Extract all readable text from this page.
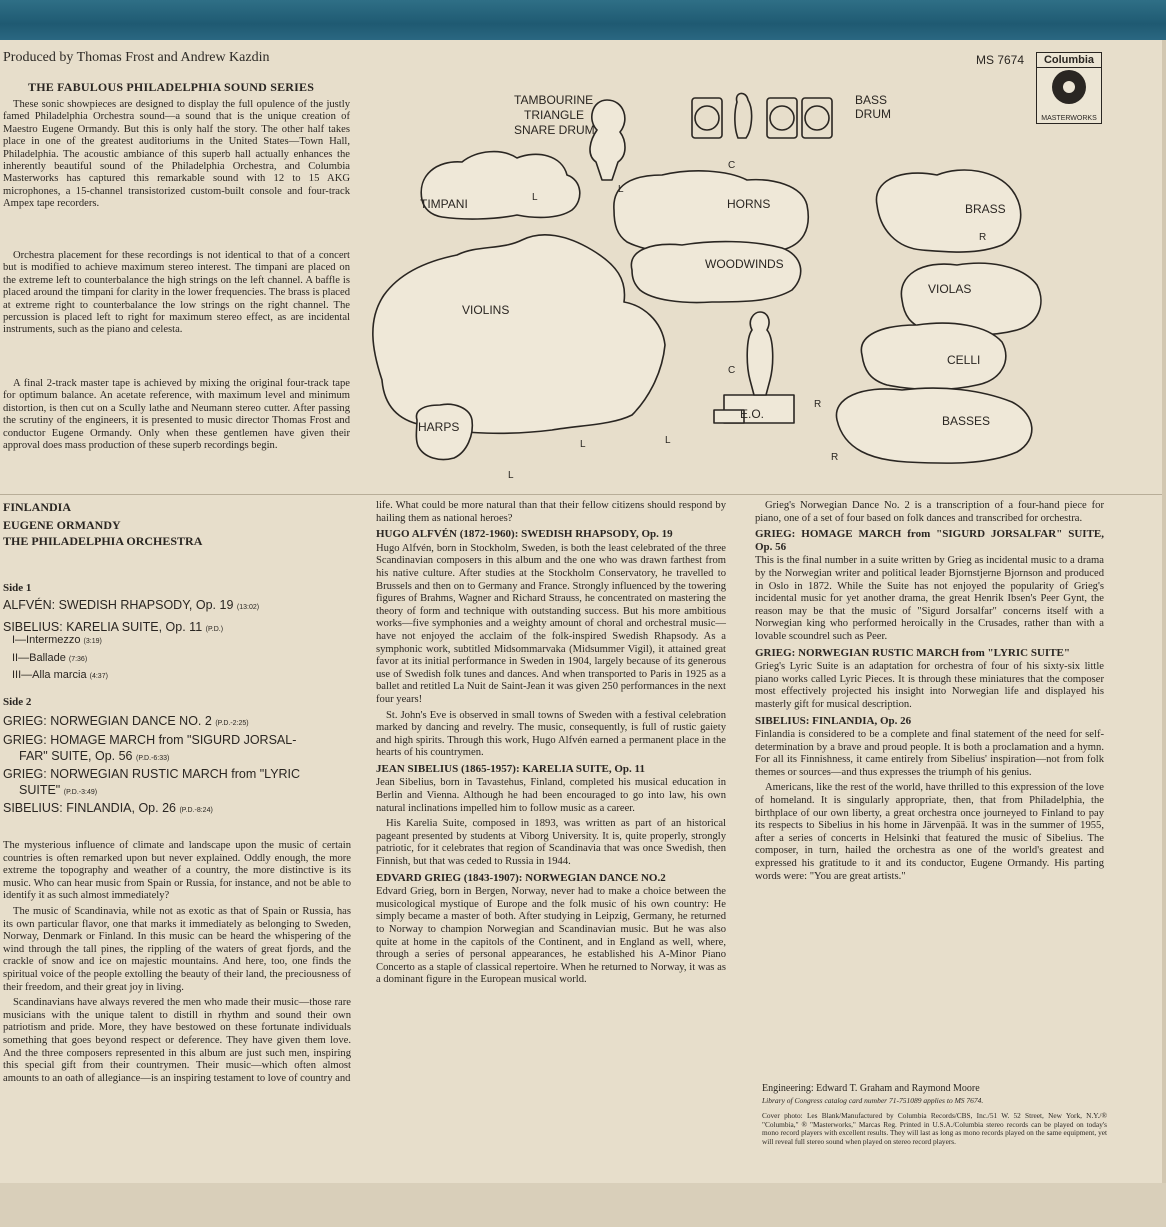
Produced by Thomas Frost and Andrew Kazdin	MS 7674	Columbia
MASTERWORKS
THE FABULOUS PHILADELPHIA SOUND SERIES

These sonic showpieces are designed to display the full opulence of the justly famed Philadelphia Orchestra sound—a sound that is the unique creation of Maestro Eugene Ormandy. But this is only half the story. The other half takes place in one of the greatest auditoriums in the United States—Town Hall, Philadelphia. The acoustic ambiance of this superb hall actually enhances the inherently beautiful sound of the Philadelphia Orchestra, and Columbia Masterworks has captured this remarkable sound with 12 to 15 AKG microphones, a 15-channel transistorized custom-built console and four-track Ampex tape recorders.

Orchestra placement for these recordings is not identical to that of a concert but is modified to achieve maximum stereo interest. The timpani are placed on the extreme left to counterbalance the high strings on the left channel. A baffle is placed around the timpani for clarity in the lower frequencies. The brass is placed at extreme right to counterbalance the low strings on the right channel. The percussion is placed left to right for maximum stereo effect, as are incidental instruments, such as the piano and celesta.

A final 2-track master tape is achieved by mixing the original four-track tape for optimum balance. An acetate reference, with maximum level and minimum distortion, is then cut on a Scully lathe and Neumann stereo cutter. After passing the scrutiny of the engineers, it is presented to music director Thomas Frost and conductor Eugene Ormandy. Only when these gentlemen have given their approval does mass production of these superb recordings begin.

TAMBOURINE
TRIANGLE
SNARE DRUM
BASS
DRUM
TIMPANI	HORNS	BRASS
WOODWINDS
VIOLINS
VIOLAS
CELLI
HARPS
E.O.	BASSES
L
L
L	L
L
C
C
R
R
R
FINLANDIA
EUGENE ORMANDY
THE PHILADELPHIA ORCHESTRA
Side 1
ALFVÉN: SWEDISH RHAPSODY, Op. 19 (13:02)
SIBELIUS: KARELIA SUITE, Op. 11 (P.D.)
I—Intermezzo (3:19)
II—Ballade (7:36)
III—Alla marcia (4:37)
Side 2
GRIEG: NORWEGIAN DANCE NO. 2 (P.D.-2:25)
GRIEG: HOMAGE MARCH from "SIGURD JORSAL-
FAR" SUITE, Op. 56 (P.D.-6:33)
GRIEG: NORWEGIAN RUSTIC MARCH from "LYRIC
SUITE" (P.D.-3:49)
SIBELIUS: FINLANDIA, Op. 26 (P.D.-8:24)

The mysterious influence of climate and landscape upon the music of certain countries is often remarked upon but never explained. Oddly enough, the more extreme the topography and weather of a country, the more distinctive is its music. Who can hear music from Spain or Russia, for instance, and not be able to identify it as such almost immediately?

The music of Scandinavia, while not as exotic as that of Spain or Russia, has its own particular flavor, one that marks it immediately as belonging to Sweden, Norway, Denmark or Finland. In this music can be heard the whispering of the wind through the tall pines, the rippling of the waters of great fjords, and the crackle of snow and ice on majestic mountains. And here, too, one finds the spiritual voice of the people extolling the beauty of their land, the preciousness of their freedom, and their great joy in living.

Scandinavians have always revered the men who made their music—those rare musicians with the unique talent to distill in rhythm and sound their own patriotism and pride. More, they have bestowed on these fortunate individuals something that goes beyond respect or deference. They have given them love. And the three composers represented in this album are just such men, inspiring this special gift from their countrymen. Their music—which often almost amounts to an oath of allegiance—is an inspiring testament to love of country and

life. What could be more natural than that their fellow citizens should respond by hailing them as national heroes?

HUGO ALFVÉN (1872-1960): SWEDISH RHAPSODY, Op. 19

Hugo Alfvén, born in Stockholm, Sweden, is both the least celebrated of the three Scandinavian composers in this album and the one who was drawn farthest from his native culture. After studies at the Stockholm Conservatory, he travelled to Brussels and then on to Germany and France. Strongly influenced by the towering figures of Brahms, Wagner and Richard Strauss, he concentrated on mastering the theory of form and technique with outstanding success. But his more ambitious works—five symphonies and a weighty amount of choral and orchestral music—have not enjoyed the acclaim of the folk-inspired Swedish Rhapsody. As a symphonic work, subtitled Midsommarvaka (Midsummer Vigil), it attained great favor at its initial performance in Sweden in 1904, largely because of its generous use of Swedish folk tunes and dances. And when transported to Paris in 1925 as a ballet and retitled La Nuit de Saint-Jean it was given 250 performances in the next four years!

St. John's Eve is observed in small towns of Sweden with a festival celebration marked by dancing and revelry. The music, consequently, is full of rustic gaiety and high spirits. Through this work, Hugo Alfvén earned a permanent place in the hearts of his countrymen.

JEAN SIBELIUS (1865-1957): KARELIA SUITE, Op. 11

Jean Sibelius, born in Tavastehus, Finland, completed his musical education in Berlin and Vienna. Although he had been encouraged to go into law, his own natural inclinations impelled him to follow music as a career.

His Karelia Suite, composed in 1893, was written as part of an historical pageant presented by students at Viborg University. It is, quite properly, strongly patriotic, for it celebrates that region of Scandinavia that was once Swedish, then Finnish, but that was ceded to Russia in 1944.

EDVARD GRIEG (1843-1907): NORWEGIAN DANCE NO.2

Edvard Grieg, born in Bergen, Norway, never had to make a choice between the musicological mystique of Europe and the folk music of his own country: He simply became a master of both. After studying in Leipzig, Germany, he returned to Norway to champion Norwegian and Scandinavian music. But he was also quite at home in the capitols of the Continent, and in England as well, where, through a series of personal appearances, he established his A-Minor Piano Concerto as a staple of classical repertoire. When he returned to Norway, it was as a dominant figure in the European musical world.

Grieg's Norwegian Dance No. 2 is a transcription of a four-hand piece for piano, one of a set of four based on folk dances and transcribed for orchestra.

GRIEG: HOMAGE MARCH from "SIGURD JORSALFAR" SUITE, Op. 56

This is the final number in a suite written by Grieg as incidental music to a drama by the Norwegian writer and political leader Bjornstjerne Bjornson and produced in Oslo in 1872. While the Suite has not enjoyed the popularity of Grieg's incidental music for yet another drama, the great Henrik Ibsen's Peer Gynt, the reason may be that the music of "Sigurd Jorsalfar" concerns itself with a Norwegian king who performed heroically in the Crusades, rather than with a lovable scoundrel such as Peer.

GRIEG: NORWEGIAN RUSTIC MARCH from "LYRIC SUITE"

Grieg's Lyric Suite is an adaptation for orchestra of four of his sixty-six little piano works called Lyric Pieces. It is through these miniatures that the composer most effectively projected his insight into Norwegian life and displayed his masterly gift for musical description.

SIBELIUS: FINLANDIA, Op. 26

Finlandia is considered to be a complete and final statement of the need for self-determination by a brave and proud people. It is both a proclamation and a hymn. For all its Finnishness, it came entirely from Sibelius' inspiration—not from folk themes or sources—and thus expresses the triumph of his genius.

Americans, like the rest of the world, have thrilled to this expression of the love of homeland. It is singularly appropriate, then, that from Philadelphia, the birthplace of our own liberty, a great orchestra once journeyed to Finland to pay its respects to Sibelius in his home in Järvenpää. It was in the summer of 1955, after a series of concerts in Helsinki that featured the music of Sibelius. The composer, in turn, hailed the orchestra as one of the world's greatest and expressed his gratitude to it and its conductor, Eugene Ormandy. His parting words were: "You are great artists."

Engineering: Edward T. Graham and Raymond Moore
Library of Congress catalog card number 71-751089 applies to MS 7674.

Cover photo: Les Blank/Manufactured by Columbia Records/CBS, Inc./51 W. 52 Street, New York, N.Y./® "Columbia," ® "Masterworks," Marcas Reg. Printed in U.S.A./Columbia stereo records can be played on today's mono record players with excellent results. They will last as long as mono records played on the same equipment, yet will reveal full stereo sound when played on stereo record players.
